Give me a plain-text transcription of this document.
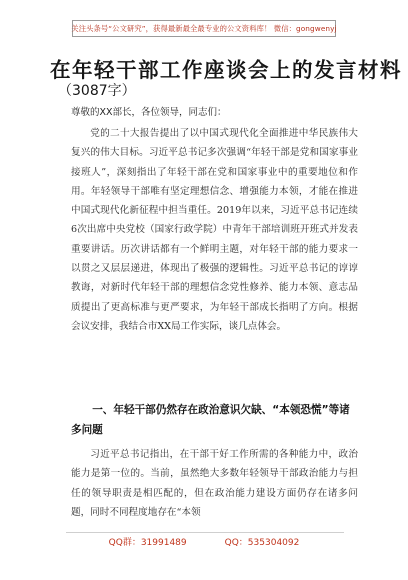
关注头条号“公文研究”，获得最新最全最专业的公文资料库！ 微信：gongwenyj
在年轻干部工作座谈会上的发言材料
（3087字）
尊敬的XX部长，各位领导，同志们：

党的二十大报告提出了以中国式现代化全面推进中华民族伟大复兴的伟大目标。习近平总书记多次强调“年轻干部是党和国家事业接班人”，深刻指出了年轻干部在党和国家事业中的重要地位和作用。年轻领导干部唯有坚定理想信念、增强能力本领，才能在推进中国式现代化新征程中担当重任。2019年以来，习近平总书记连续6次出席中央党校（国家行政学院）中青年干部培训班开班式并发表重要讲话。历次讲话都有一个鲜明主题，对年轻干部的能力要求一以贯之又层层递进，体现出了极强的逻辑性。习近平总书记的谆谆教诲，对新时代年轻干部的理想信念党性修养、能力本领、意志品质提出了更高标准与更严要求，为年轻干部成长指明了方向。根据会议安排，我结合市XX局工作实际，谈几点体会。

一、年轻干部仍然存在政治意识欠缺、“本领恐慌”等诸多问题

习近平总书记指出，在干部干好工作所需的各种能力中，政治能力是第一位的。当前，虽然绝大多数年轻领导干部政治能力与担任的领导职责是相匹配的，但在政治能力建设方面仍存在诸多问题，同时不同程度地存在“本领

QQ群：31991489	QQ：535304092
